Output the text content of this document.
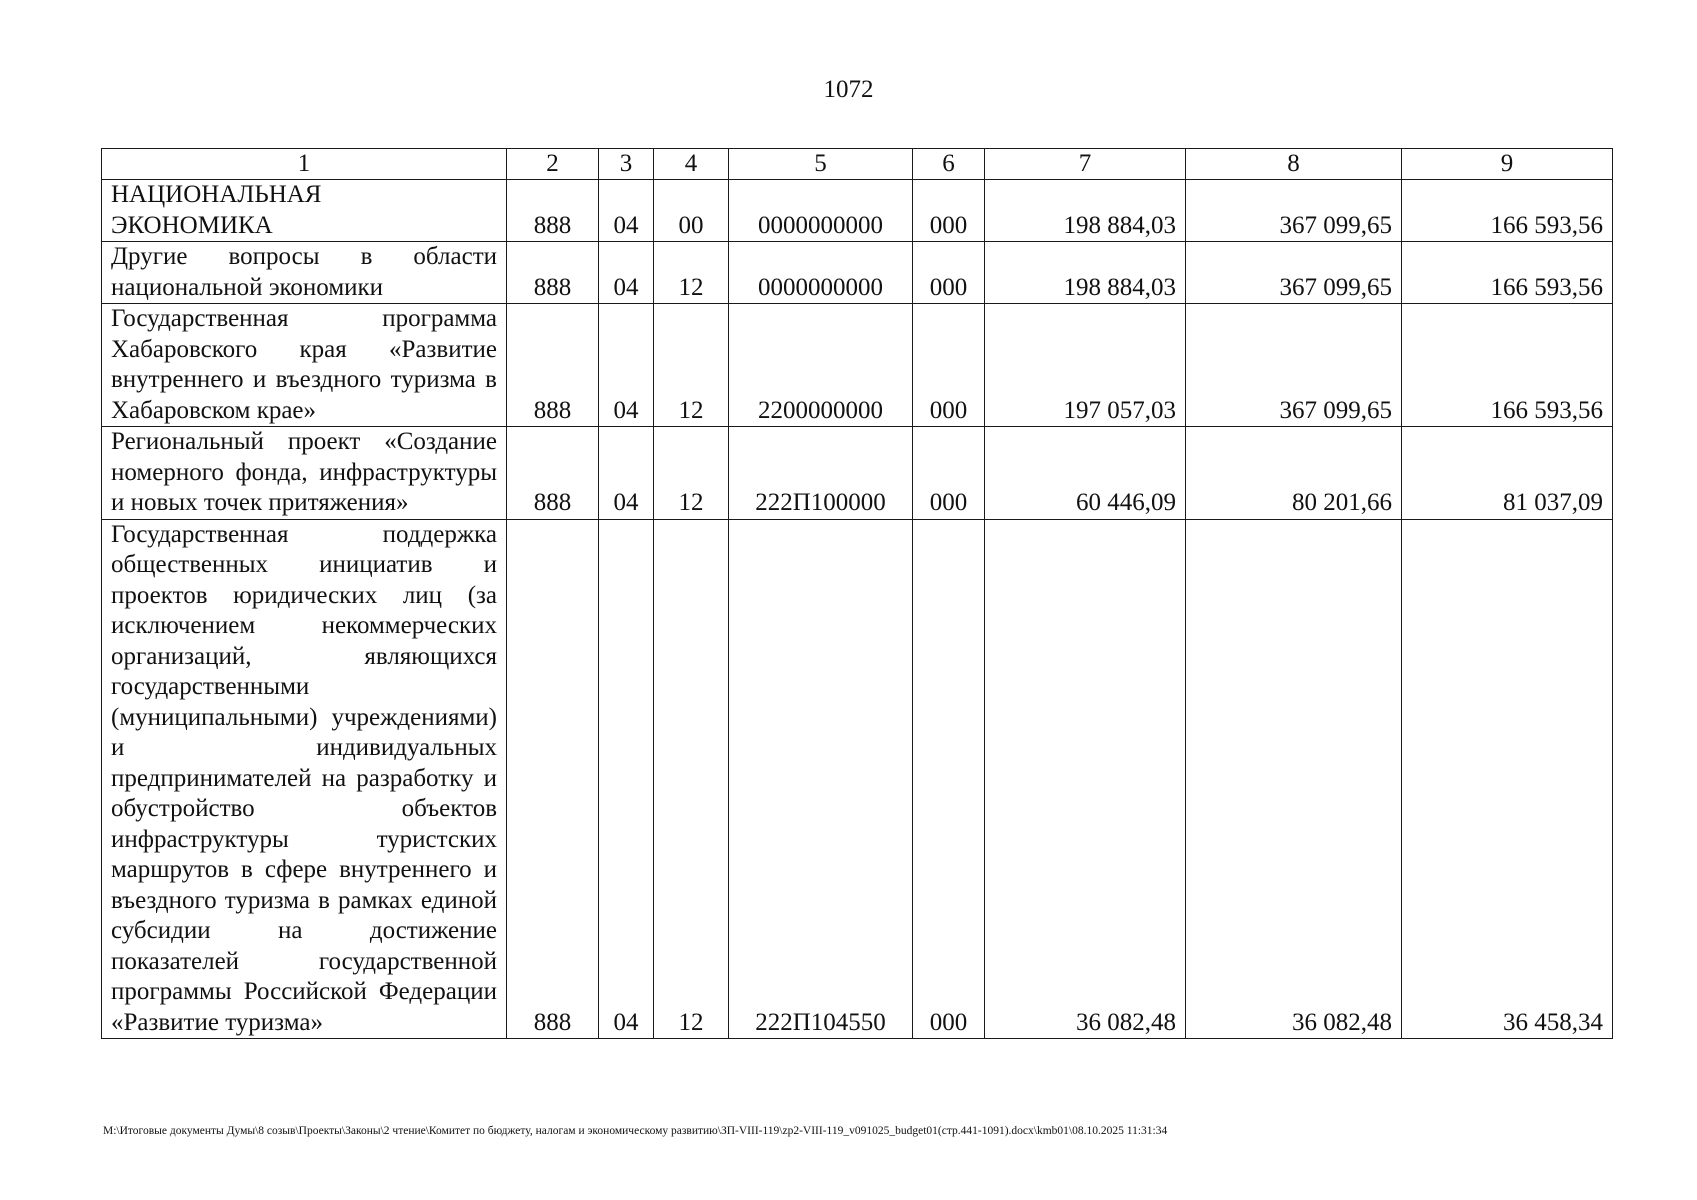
1072
1	2	3	4	5	6	7	8	9

НАЦИОНАЛЬНАЯ ЭКОНОМИКА	888	04	00	0000000000	000	198 884,03	367 099,65	166 593,56

Другие вопросы в области национальной экономики	888	04	12	0000000000	000	198 884,03	367 099,65	166 593,56

Государственная программа Хабаровского края «Развитие внутреннего и въездного туризма в Хабаровском крае»	888	04	12	2200000000	000	197 057,03	367 099,65	166 593,56

Региональный проект «Создание номерного фонда, инфраструктуры и новых точек притяжения»	888	04	12	222П100000	000	60 446,09	80 201,66	81 037,09

Государственная поддержка общественных инициатив и проектов юридических лиц (за исключением некоммерческих организаций, являющихся государственными (муниципальными) учреждениями) и индивидуальных предпринимателей на разработку и обустройство объектов инфраструктуры туристских маршрутов в сфере внутреннего и въездного туризма в рамках единой субсидии на достижение показателей государственной программы Российской Федерации «Развитие туризма»	888	04	12	222П104550	000	36 082,48	36 082,48	36 458,34
M:\Итоговые документы Думы\8 созыв\Проекты\Законы\2 чтение\Комитет по бюджету, налогам и экономическому развитию\ЗП-VIII-119\zp2-VIII-119_v091025_budget01(стр.441-1091).docx\kmb01\08.10.2025 11:31:34
